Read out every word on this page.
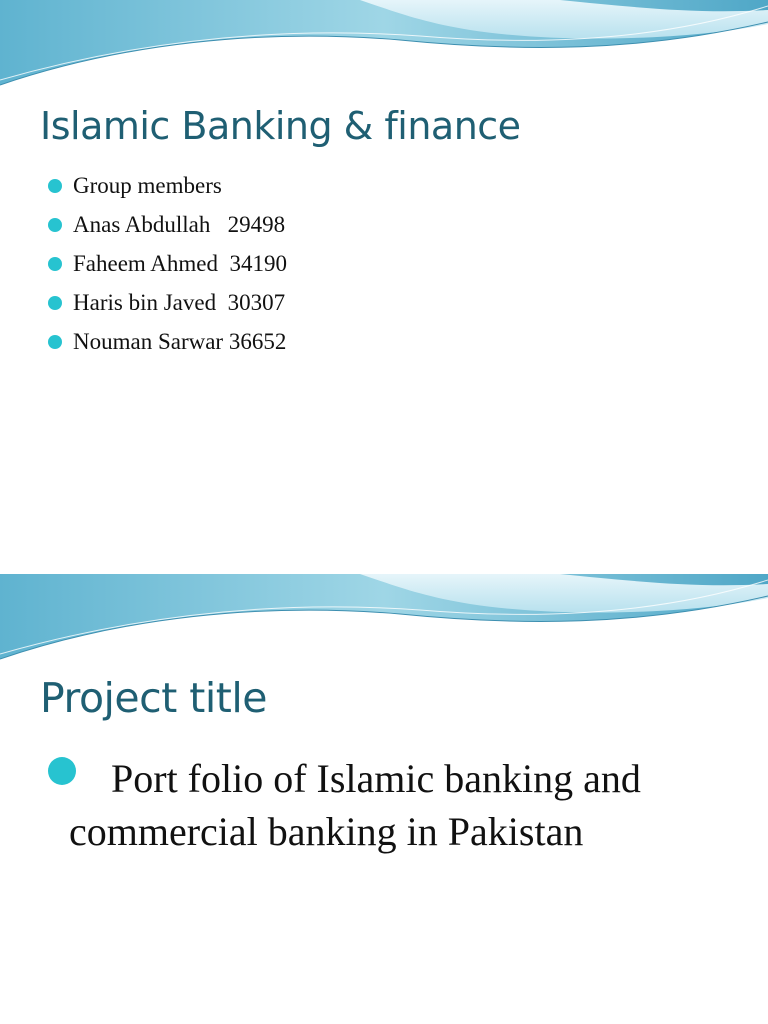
Islamic Banking & finance
Group members
Anas Abdullah   29498
Faheem Ahmed  34190
Haris bin Javed  30307
Nouman Sarwar 36652
Project title
Port folio of Islamic banking and commercial banking in Pakistan
